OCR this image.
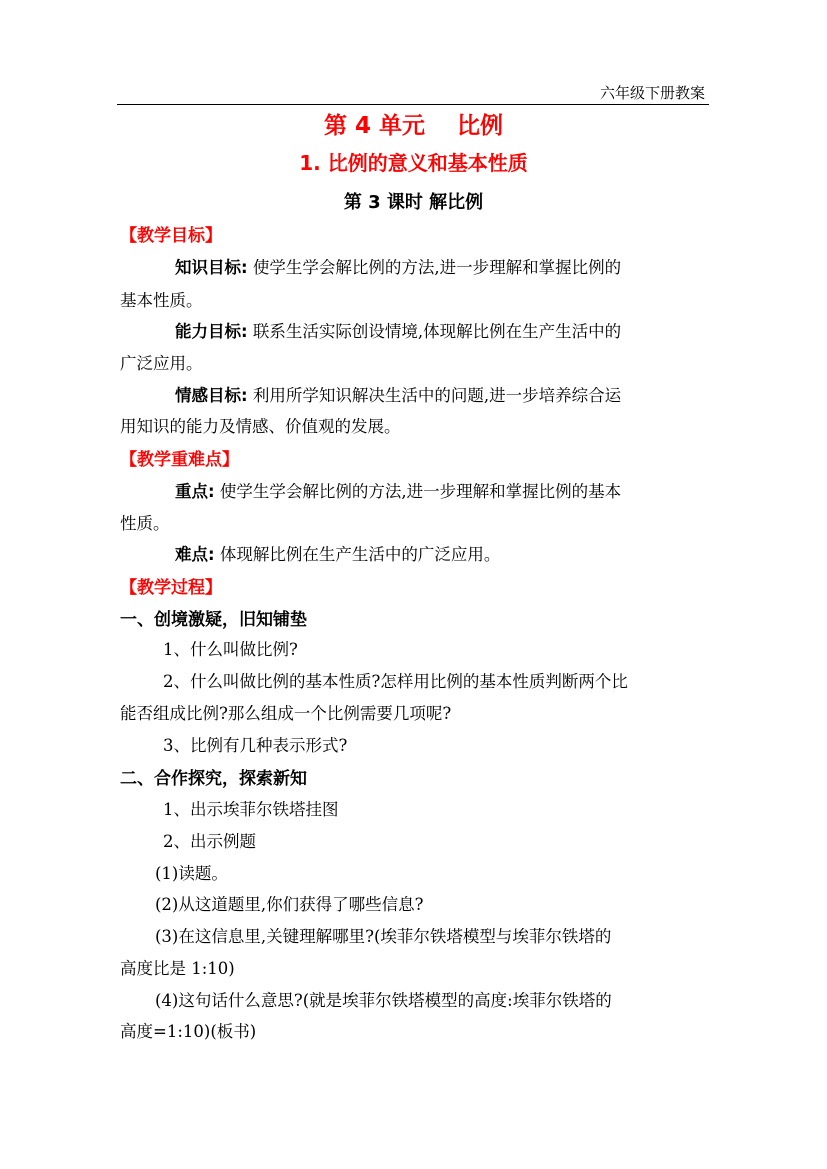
六年级下册教案
第 4 单元    比例
1. 比例的意义和基本性质
第 3 课时 解比例
【教学目标】
知识目标: 使学生学会解比例的方法,进一步理解和掌握比例的
基本性质。
能力目标: 联系生活实际创设情境,体现解比例在生产生活中的
广泛应用。
情感目标: 利用所学知识解决生活中的问题,进一步培养综合运
用知识的能力及情感、价值观的发展。
【教学重难点】
重点: 使学生学会解比例的方法,进一步理解和掌握比例的基本
性质。
难点: 体现解比例在生产生活中的广泛应用。
【教学过程】
一、创境激疑，旧知铺垫
1、什么叫做比例?
2、什么叫做比例的基本性质?怎样用比例的基本性质判断两个比
能否组成比例?那么组成一个比例需要几项呢?
3、比例有几种表示形式?
二、合作探究，探索新知
1、出示埃菲尔铁塔挂图
2、出示例题
(1)读题。
(2)从这道题里,你们获得了哪些信息?
(3)在这信息里,关键理解哪里?(埃菲尔铁塔模型与埃菲尔铁塔的
高度比是 1:10)
(4)这句话什么意思?(就是埃菲尔铁塔模型的高度:埃菲尔铁塔的
高度=1:10)(板书)
